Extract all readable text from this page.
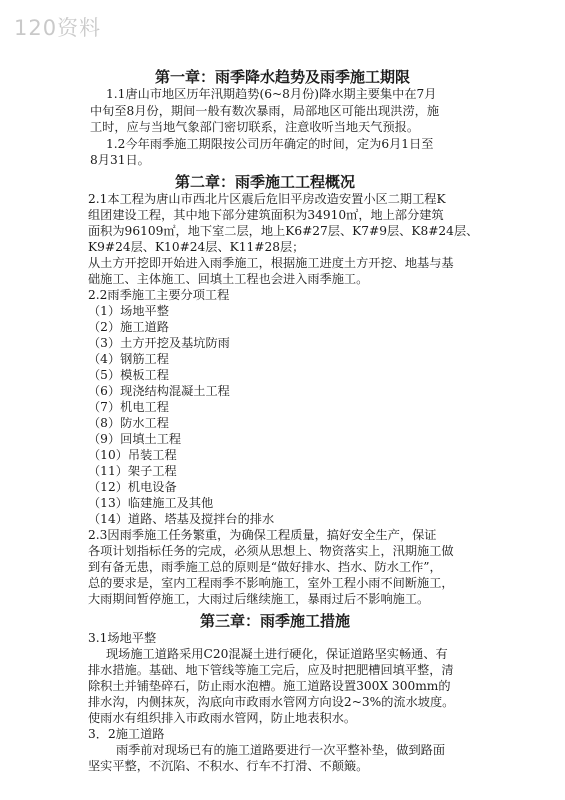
120资料
第一章：雨季降水趋势及雨季施工期限
1.1唐山市地区历年汛期趋势(6~8月份)降水期主要集中在7月
中旬至8月份，期间一般有数次暴雨，局部地区可能出现洪涝，施
工时，应与当地气象部门密切联系，注意收听当地天气预报。
1.2今年雨季施工期限按公司历年确定的时间，定为6月1日至
8月31日。
第二章：雨季施工工程概况
2.1本工程为唐山市西北片区震后危旧平房改造安置小区二期工程K
组团建设工程，其中地下部分建筑面积为34910㎡，地上部分建筑
面积为96109㎡，地下室二层，地上K6#27层、K7#9层、K8#24层、
K9#24层、K10#24层、K11#28层；
从土方开挖即开始进入雨季施工，根据施工进度土方开挖、地基与基
础施工、主体施工、回填土工程也会进入雨季施工。
2.2雨季施工主要分项工程
（1）场地平整
（2）施工道路
（3）土方开挖及基坑防雨
（4）钢筋工程
（5）模板工程
（6）现浇结构混凝土工程
（7）机电工程
（8）防水工程
（9）回填土工程
（10）吊装工程
（11）架子工程
（12）机电设备
（13）临建施工及其他
（14）道路、塔基及搅拌台的排水
2.3因雨季施工任务繁重，为确保工程质量，搞好安全生产，保证
各项计划指标任务的完成，必须从思想上、物资落实上，汛期施工做
到有备无患，雨季施工总的原则是“做好排水、挡水、防水工作”，
总的要求是，室内工程雨季不影响施工，室外工程小雨不间断施工，
大雨期间暂停施工，大雨过后继续施工，暴雨过后不影响施工。
第三章：雨季施工措施
3.1场地平整
现场施工道路采用C20混凝土进行硬化，保证道路坚实畅通、有
排水措施。基础、地下管线等施工完后，应及时把肥槽回填平整，清
除积土并铺垫碎石，防止雨水泡槽。施工道路设置300X 300mm的
排水沟，内侧抹灰，沟底向市政雨水管网方向设2~3%的流水坡度。
使雨水有组织排入市政雨水管网，防止地表积水。
3．2施工道路
雨季前对现场已有的施工道路要进行一次平整补垫，做到路面
坚实平整，不沉陷、不积水、行车不打滑、不颠簸。
